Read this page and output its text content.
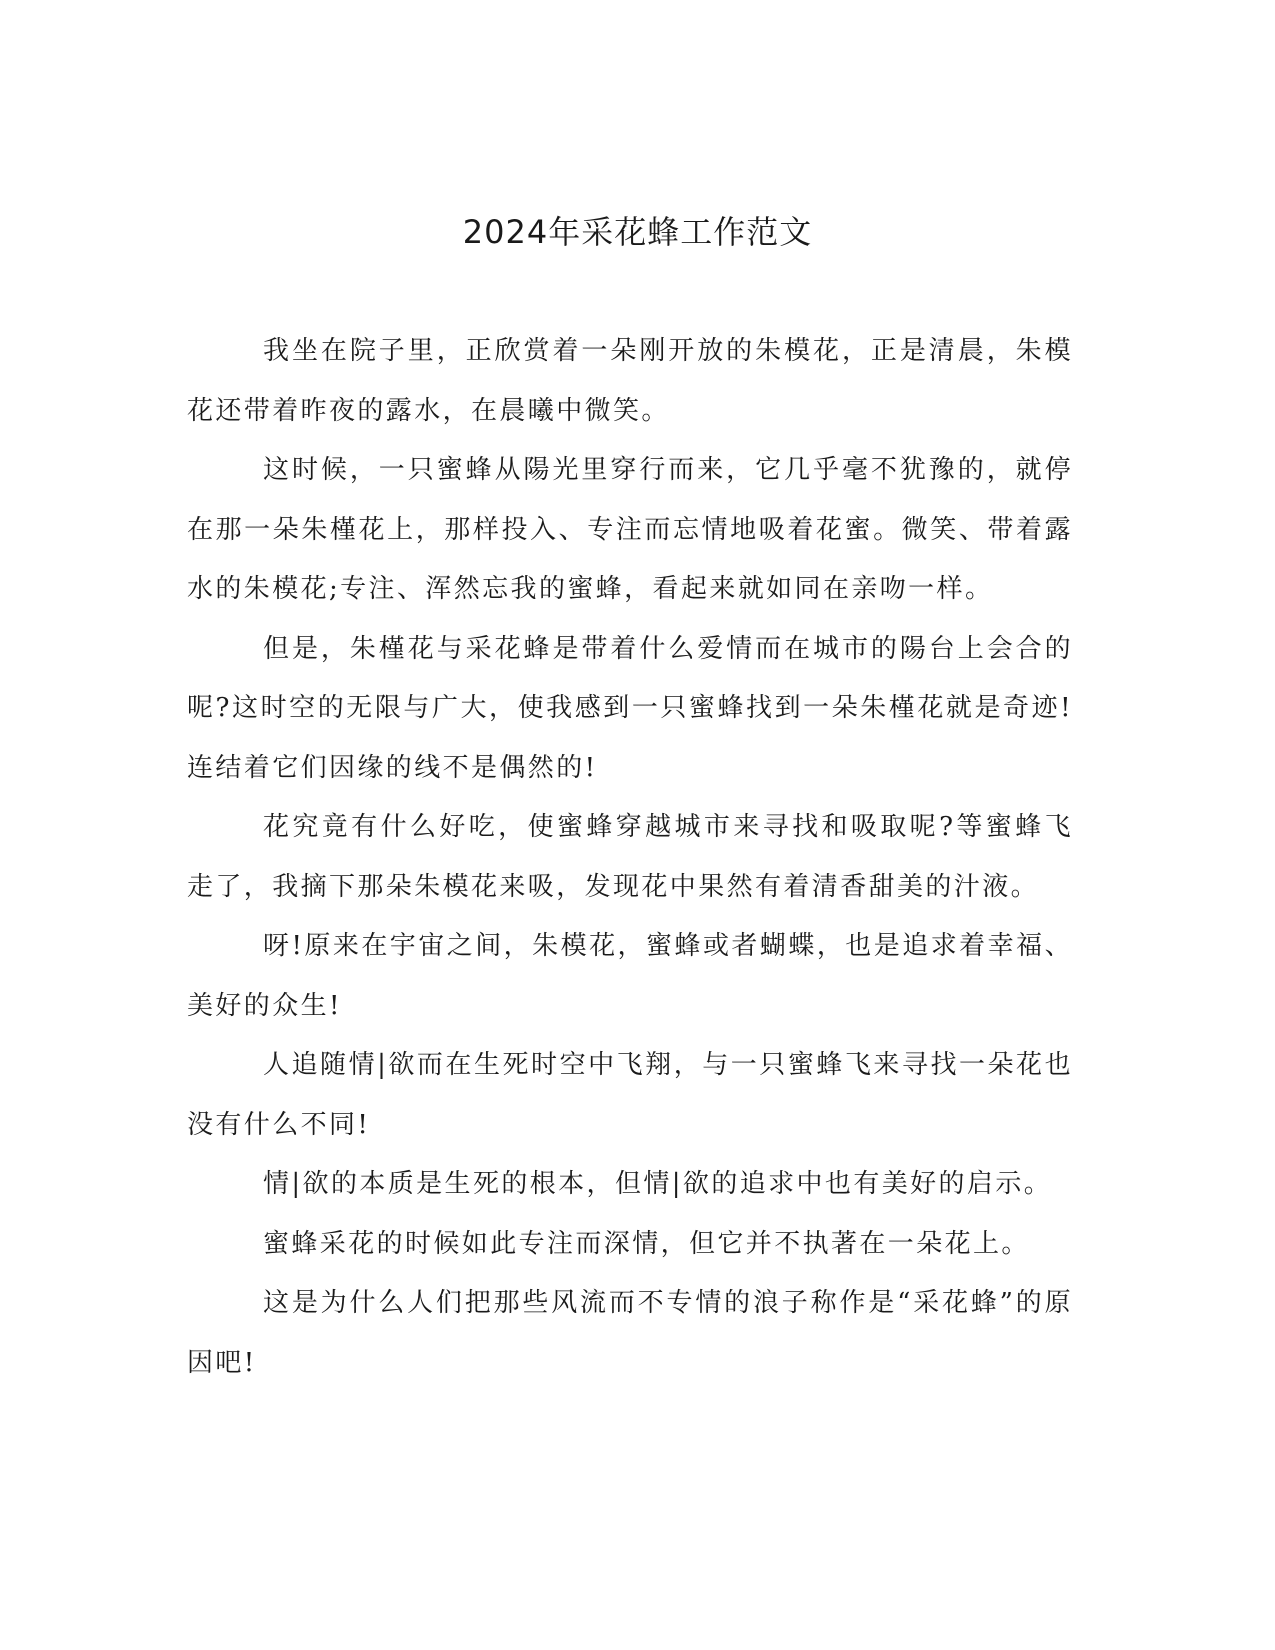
2024年采花蜂工作范文

我坐在院子里，正欣赏着一朵刚开放的朱模花，正是清晨，朱模花还带着昨夜的露水，在晨曦中微笑。

这时候，一只蜜蜂从陽光里穿行而来，它几乎毫不犹豫的，就停在那一朵朱槿花上，那样投入、专注而忘情地吸着花蜜。微笑、带着露水的朱模花;专注、浑然忘我的蜜蜂，看起来就如同在亲吻一样。

但是，朱槿花与采花蜂是带着什么爱情而在城市的陽台上会合的呢?这时空的无限与广大，使我感到一只蜜蜂找到一朵朱槿花就是奇迹!连结着它们因缘的线不是偶然的!

花究竟有什么好吃，使蜜蜂穿越城市来寻找和吸取呢?等蜜蜂飞走了，我摘下那朵朱模花来吸，发现花中果然有着清香甜美的汁液。

呀!原来在宇宙之间，朱模花，蜜蜂或者蝴蝶，也是追求着幸福、美好的众生!

人追随情|欲而在生死时空中飞翔，与一只蜜蜂飞来寻找一朵花也没有什么不同!

情|欲的本质是生死的根本，但情|欲的追求中也有美好的启示。

蜜蜂采花的时候如此专注而深情，但它并不执著在一朵花上。

这是为什么人们把那些风流而不专情的浪子称作是“采花蜂”的原因吧!
